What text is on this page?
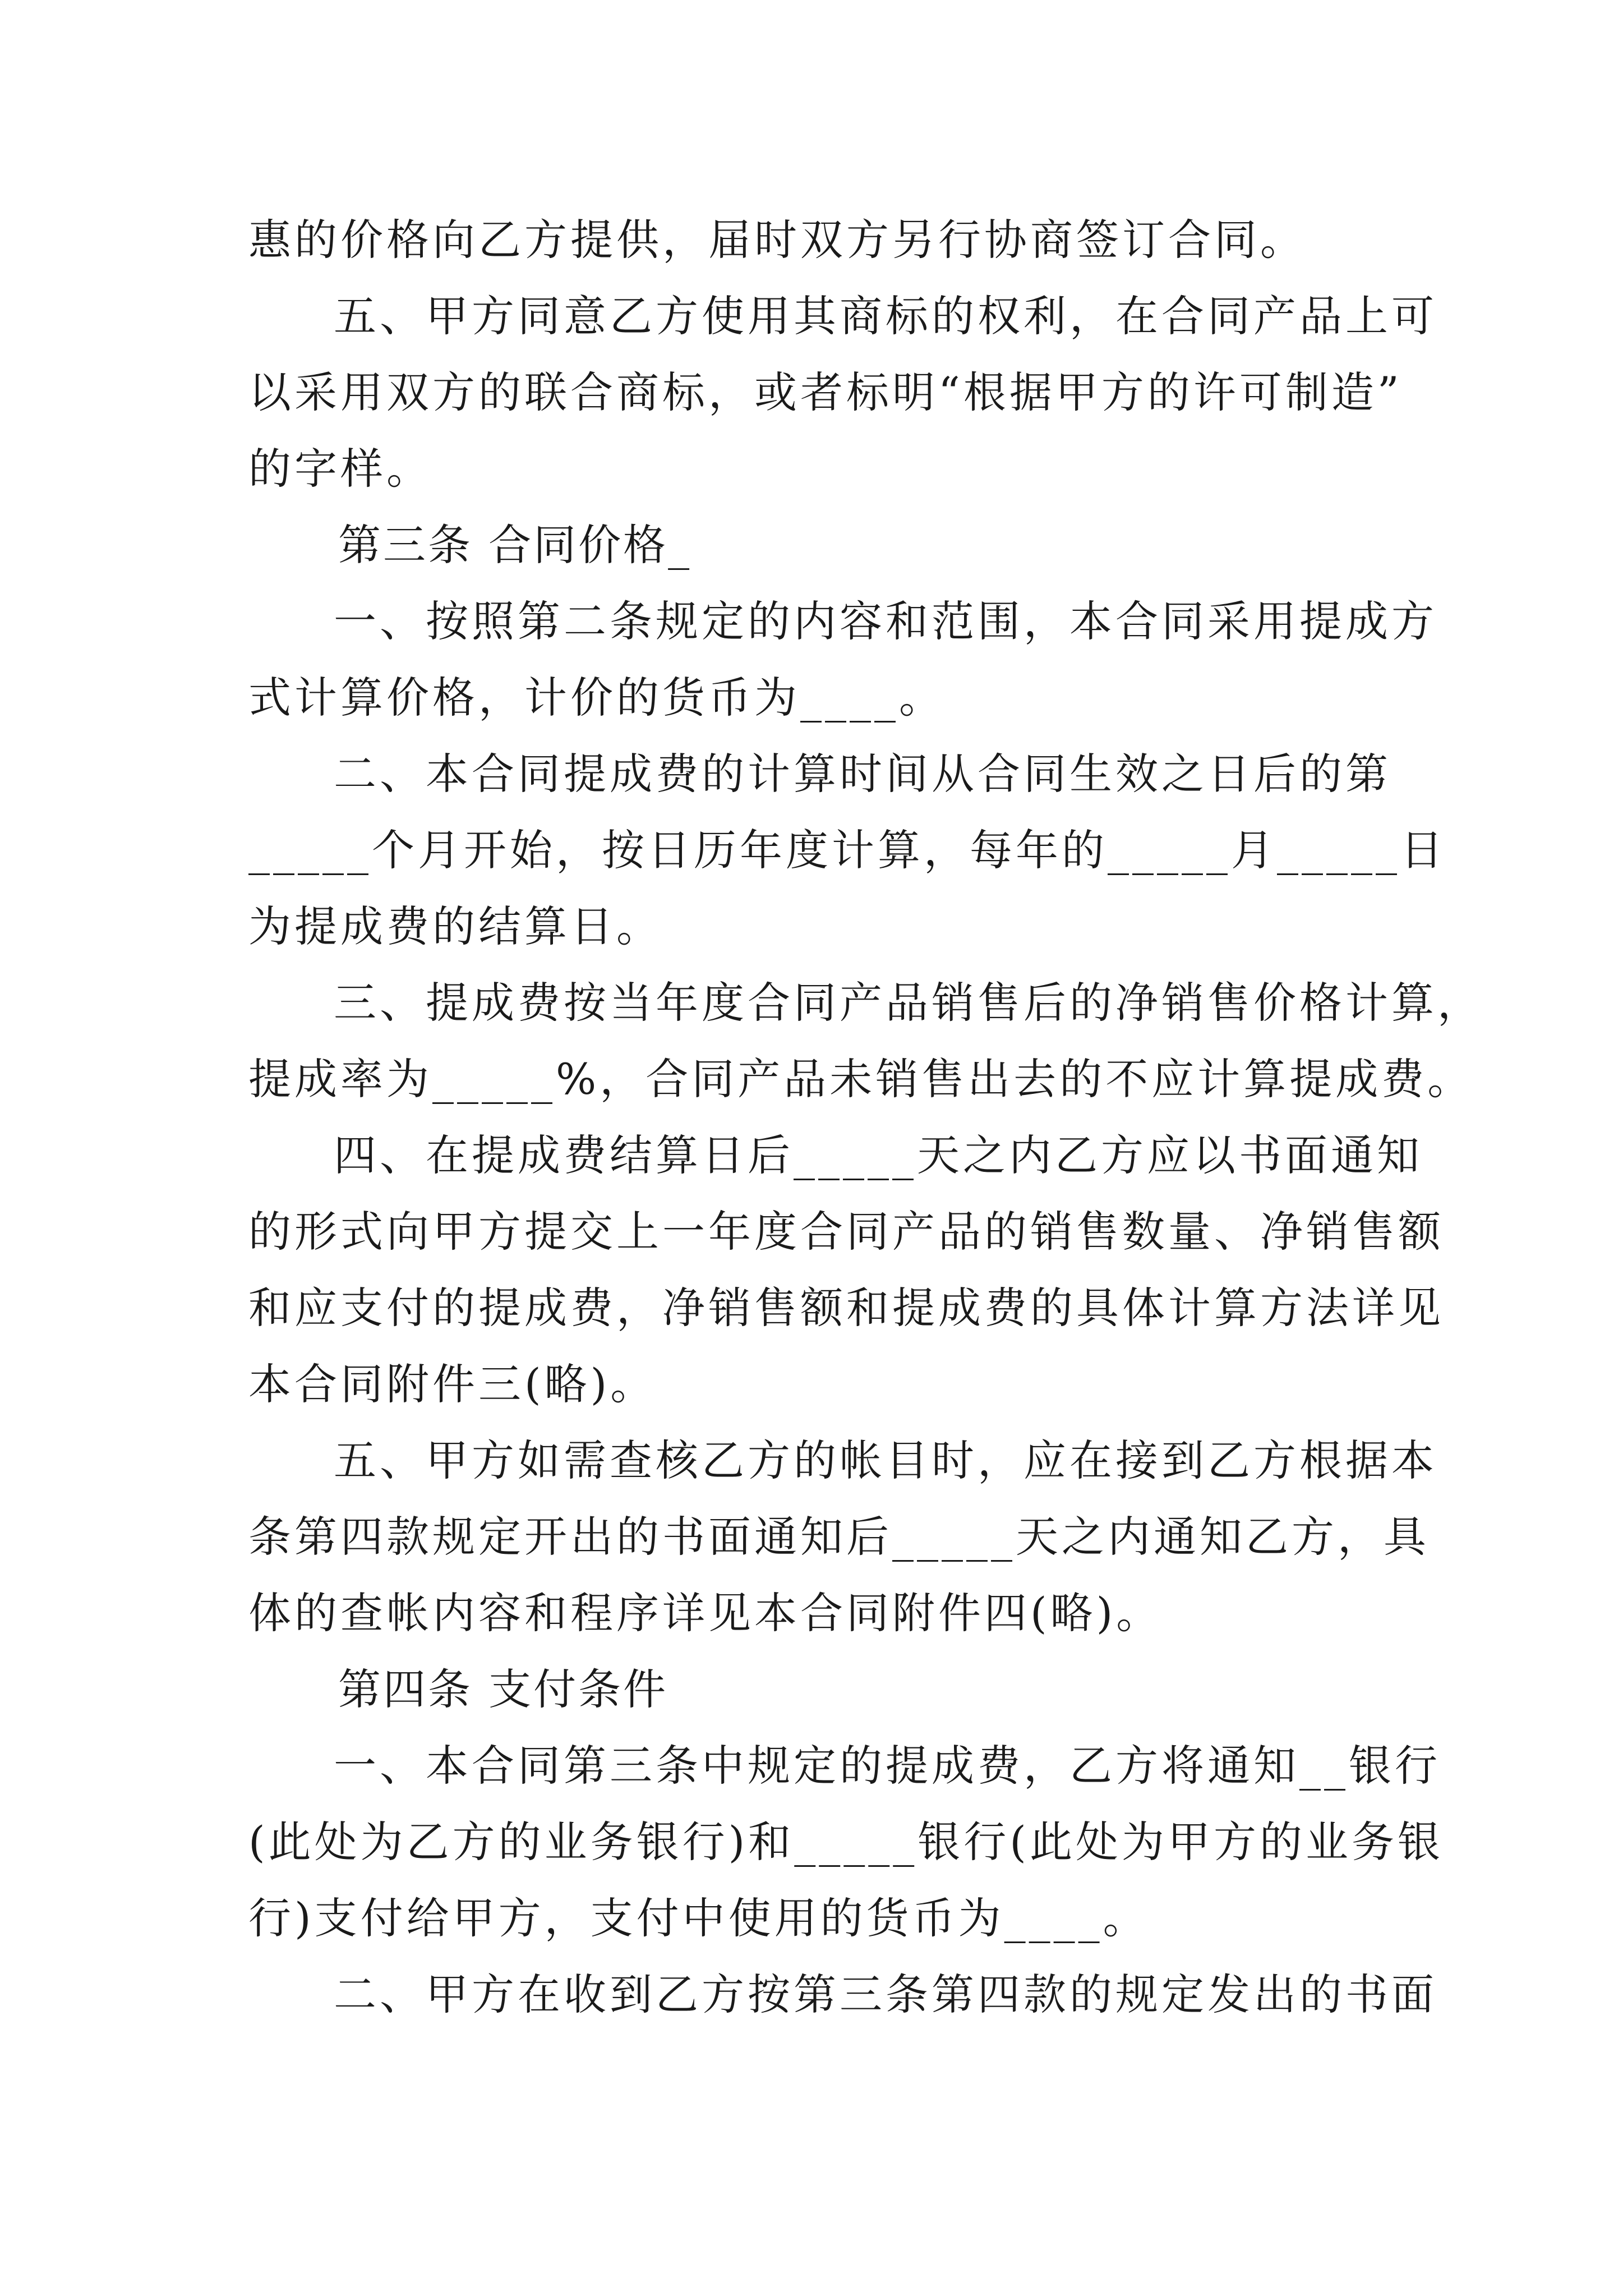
惠的价格向乙方提供，届时双方另行协商签订合同。
五、甲方同意乙方使用其商标的权利，在合同产品上可
以采用双方的联合商标，或者标明“根据甲方的许可制造”
的字样。
第三条 合同价格_
一、按照第二条规定的内容和范围，本合同采用提成方
式计算价格，计价的货币为____。
二、本合同提成费的计算时间从合同生效之日后的第
_____个月开始，按日历年度计算，每年的_____月_____日
为提成费的结算日。
三、提成费按当年度合同产品销售后的净销售价格计算，
提成率为_____%，合同产品未销售出去的不应计算提成费。
四、在提成费结算日后_____天之内乙方应以书面通知
的形式向甲方提交上一年度合同产品的销售数量、净销售额
和应支付的提成费，净销售额和提成费的具体计算方法详见
本合同附件三(略)。
五、甲方如需查核乙方的帐目时，应在接到乙方根据本
条第四款规定开出的书面通知后_____天之内通知乙方，具
体的查帐内容和程序详见本合同附件四(略)。
第四条 支付条件
一、本合同第三条中规定的提成费，乙方将通知__银行
(此处为乙方的业务银行)和_____银行(此处为甲方的业务银
行)支付给甲方，支付中使用的货币为____。
二、甲方在收到乙方按第三条第四款的规定发出的书面
